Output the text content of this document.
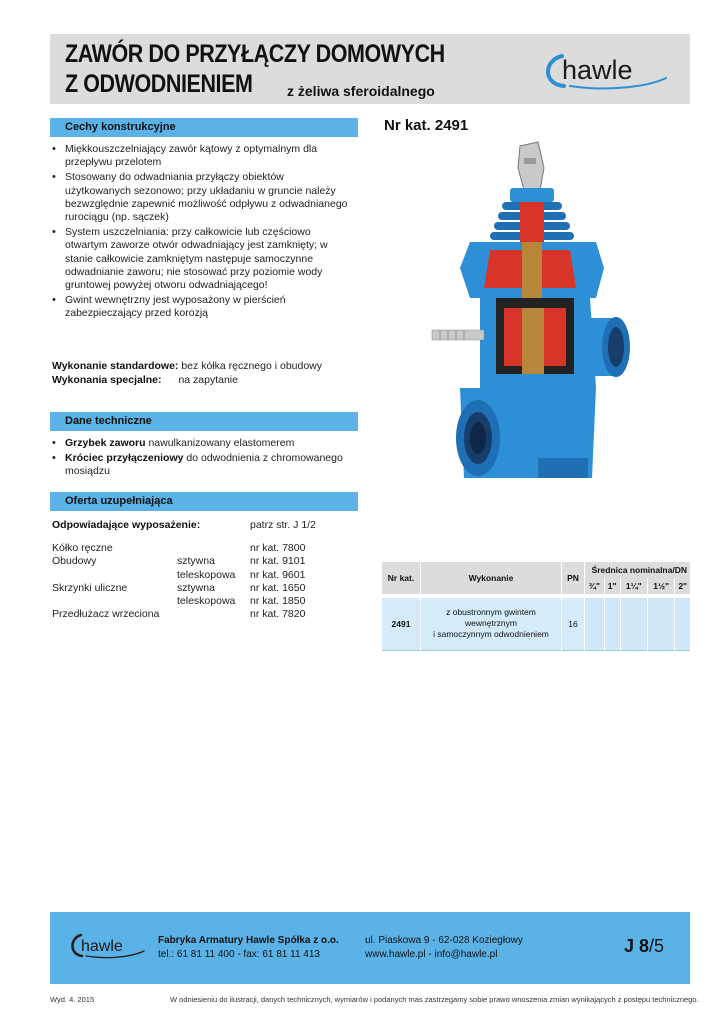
ZAWÓR DO PRZYŁĄCZY DOMOWYCH
Z ODWODNIENIEM z żeliwa sferoidalnego
hawle
Cechy konstrukcyjne	Nr kat. 2491
• Miękkouszczelniający zawór kątowy z optymalnym dla przepływu przelotem
• Stosowany do odwadniania przyłączy obiektów użytkowanych sezonowo; przy układaniu w gruncie należy bezwzględnie zapewnić możliwość odpływu z odwadnianego rurociągu (np. sączek)
• System uszczelniania: przy całkowicie lub częściowo otwartym zaworze otwór odwadniający jest zamknięty; w stanie całkowicie zamkniętym następuje samoczynne odwadnianie zaworu; nie stosować przy poziomie wody gruntowej powyżej otworu odwadniającego!
• Gwint wewnętrzny jest wyposażony w pierścień zabezpieczający przed korozją
Wykonanie standardowe: bez kółka ręcznego i obudowy
Wykonania specjalne: na zapytanie
Dane techniczne
• Grzybek zaworu nawulkanizowany elastomerem
• Króciec przyłączeniowy do odwodnienia z chromowanego mosiądzu
Oferta uzupełniająca
Odpowiadające wyposażenie:	patrz str. J 1/2
Kółko ręczne	nr kat. 7800
Obudowy	sztywna	nr kat. 9101
teleskopowa nr kat. 9601
Skrzynki uliczne	sztywna	nr kat. 1650
teleskopowa nr kat. 1850
Przedłużacz wrzeciona	nr kat. 7820
Nr kat.	Wykonanie	PN	Średnica nominalna/DN				
			¾"	1"	1¼"	1½"	2"

2491	z obustronnym gwintem
wewnętrznym
i samoczynnym odwodnieniem	16					

hawle	Fabryka Armatury Hawle Spółka z o.o.
tel.: 61 81 11 400 - fax: 61 81 11 413
ul. Piaskowa 9 - 62-028 Koziegłowy
www.hawle.pl - info@hawle.pl	J 8/5
Wyd. 4. 2015	W odniesieniu do ilustracji, danych technicznych, wymiarów i podanych mas zastrzegamy sobie prawo wnoszenia zmian wynikających z postępu technicznego.
